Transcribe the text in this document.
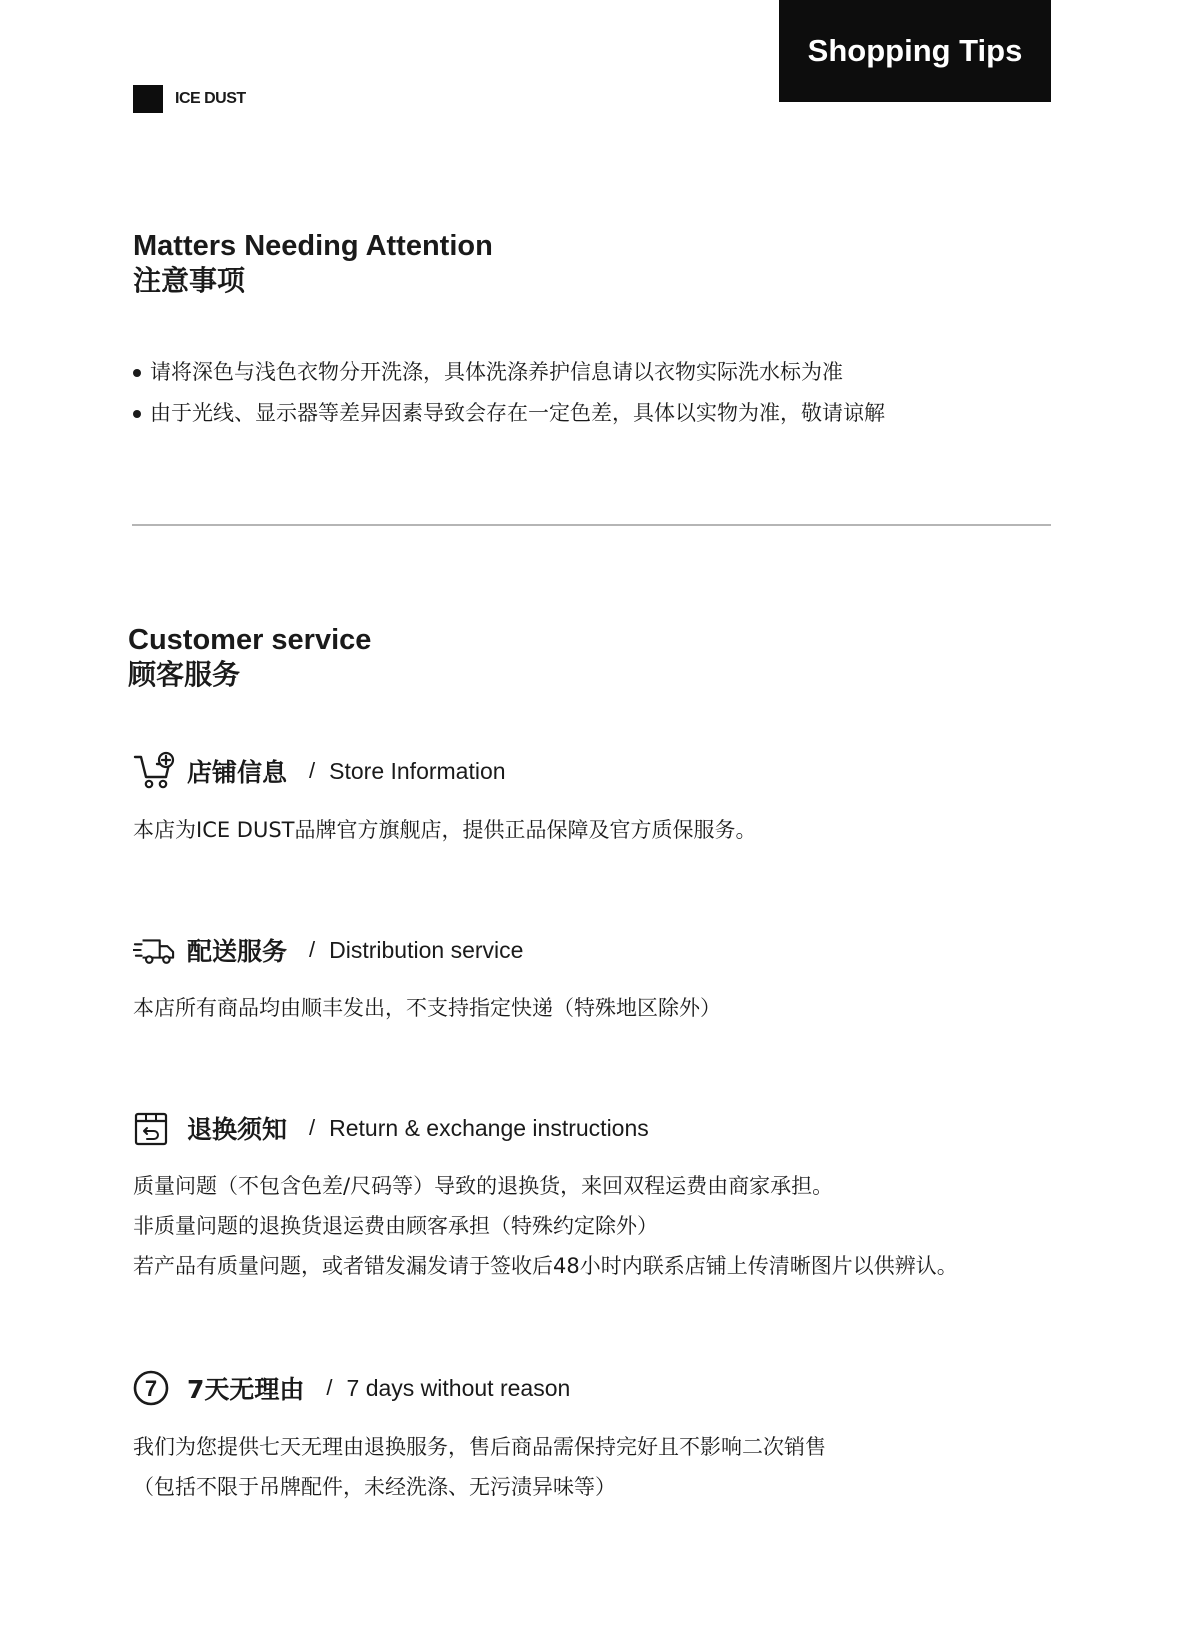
Shopping Tips
ICE DUST
Matters Needing Attention
注意事项
请将深色与浅色衣物分开洗涤，具体洗涤养护信息请以衣物实际洗水标为准
由于光线、显示器等差异因素导致会存在一定色差，具体以实物为准，敬请谅解
Customer service
顾客服务
店铺信息 / Store Information

本店为ICE DUST品牌官方旗舰店，提供正品保障及官方质保服务。

配送服务 / Distribution service

本店所有商品均由顺丰发出，不支持指定快递（特殊地区除外）

退换须知 / Return & exchange instructions

质量问题（不包含色差/尺码等）导致的退换货，来回双程运费由商家承担。

非质量问题的退换货退运费由顾客承担（特殊约定除外）

若产品有质量问题，或者错发漏发请于签收后48小时内联系店铺上传清晰图片以供辨认。

7 7天无理由 / 7 days without reason

我们为您提供七天无理由退换服务，售后商品需保持完好且不影响二次销售

（包括不限于吊牌配件，未经洗涤、无污渍异味等）
